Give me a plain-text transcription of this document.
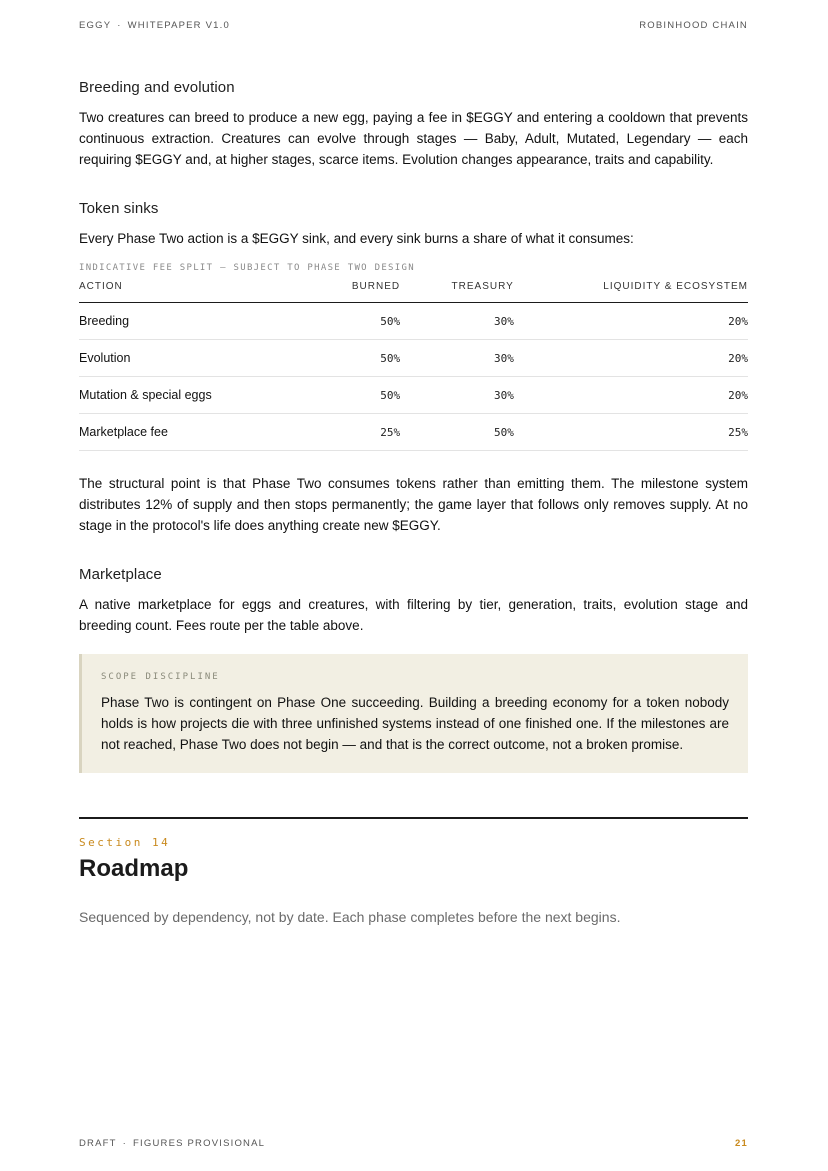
EGGY · WHITEPAPER V1.0	ROBINHOOD CHAIN
Breeding and evolution

Two creatures can breed to produce a new egg, paying a fee in $EGGY and entering a cooldown that prevents continuous extraction. Creatures can evolve through stages — Baby, Adult, Mutated, Legendary — each requiring $EGGY and, at higher stages, scarce items. Evolution changes appearance, traits and capability.

Token sinks

Every Phase Two action is a $EGGY sink, and every sink burns a share of what it consumes:

INDICATIVE FEE SPLIT — SUBJECT TO PHASE TWO DESIGN
ACTION	BURNED	TREASURY	LIQUIDITY & ECOSYSTEM
Breeding	50%	30%	20%
Evolution	50%	30%	20%
Mutation & special eggs	50%	30%	20%
Marketplace fee	25%	50%	25%

The structural point is that Phase Two consumes tokens rather than emitting them. The milestone system distributes 12% of supply and then stops permanently; the game layer that follows only removes supply. At no stage in the protocol's life does anything create new $EGGY.

Marketplace

A native marketplace for eggs and creatures, with filtering by tier, generation, traits, evolution stage and breeding count. Fees route per the table above.

SCOPE DISCIPLINE

Phase Two is contingent on Phase One succeeding. Building a breeding economy for a token nobody holds is how projects die with three unfinished systems instead of one finished one. If the milestones are not reached, Phase Two does not begin — and that is the correct outcome, not a broken promise.

Section 14
Roadmap
Sequenced by dependency, not by date. Each phase completes before the next begins.
DRAFT · FIGURES PROVISIONAL	21
